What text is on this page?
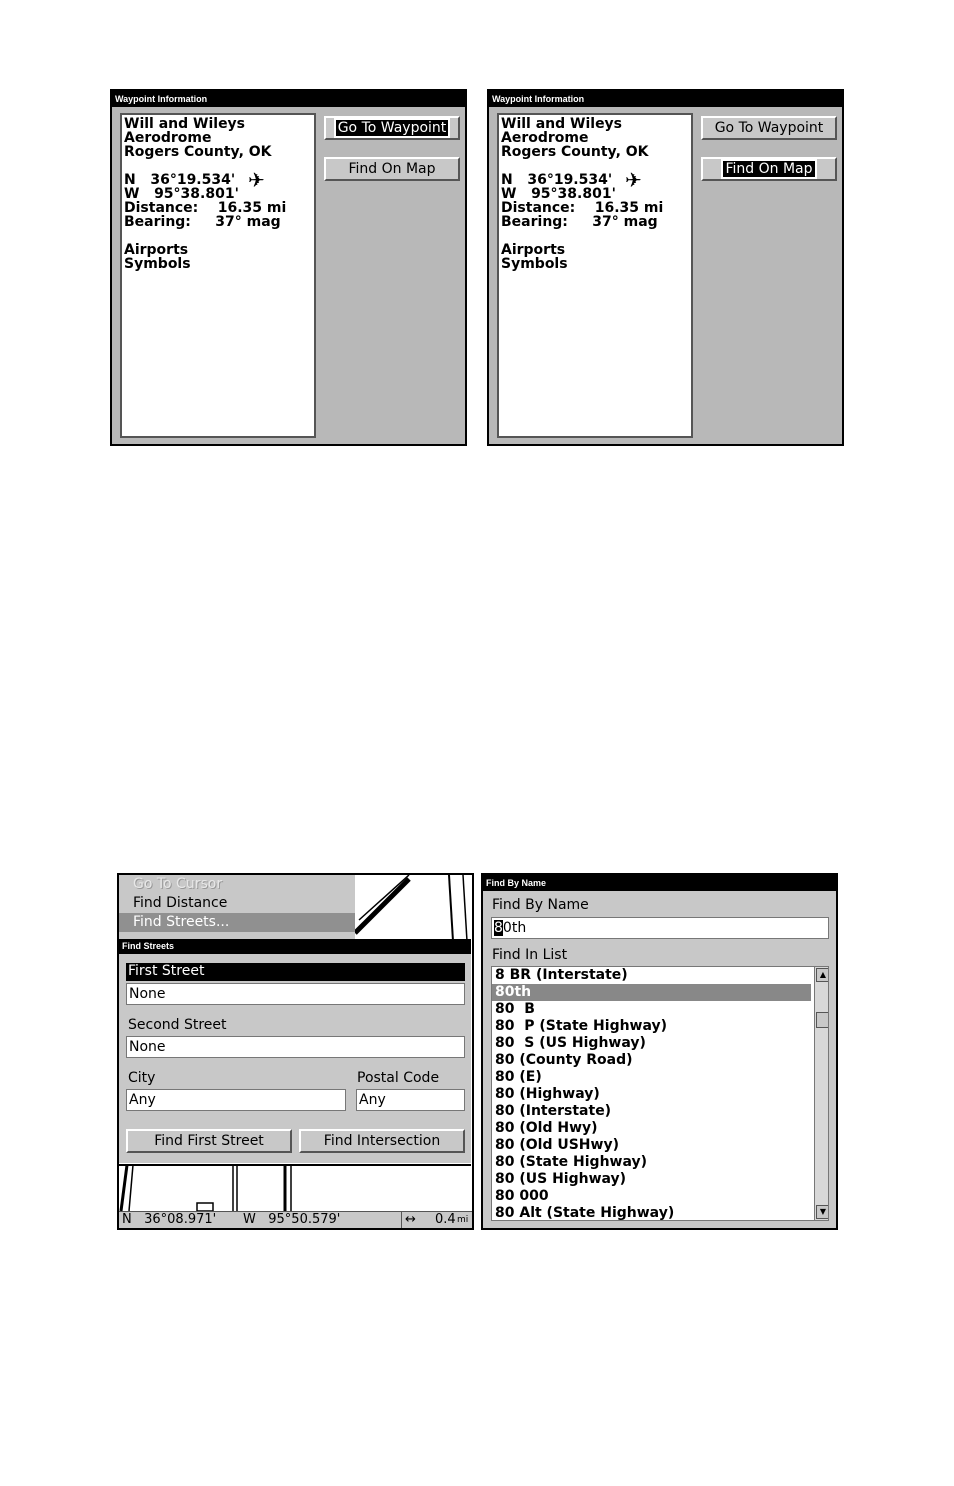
Waypoint Information
Will and Wileys
Aerodrome
Rogers County, OK
N   36°19.534'
W   95°38.801'
Distance:    16.35 mi
Bearing:     37° mag
Airports
Symbols
✈
Go To Waypoint
Find On Map
Waypoint Information
Will and Wileys
Aerodrome
Rogers County, OK
N   36°19.534'
W   95°38.801'
Distance:    16.35 mi
Bearing:     37° mag
Airports
Symbols
✈
Go To Waypoint
Find On Map
Go To Cursor
Find Distance
Find Streets...
Find Streets
First Street
None
Second Street
None
City	Postal Code
Any	Any
Find First Street	Find Intersection
N   36°08.971' W   95°50.579'	↔ 0.4 mi
Find By Name
Find By Name
80th
Find In List
8 BR (Interstate)
80th
80  B
80  P (State Highway)
80  S (US Highway)
80 (County Road)
80 (E)
80 (Highway)
80 (Interstate)
80 (Old Hwy)
80 (Old USHwy)
80 (State Highway)
80 (US Highway)
80 000
80 Alt (State Highway)
▲
▼
